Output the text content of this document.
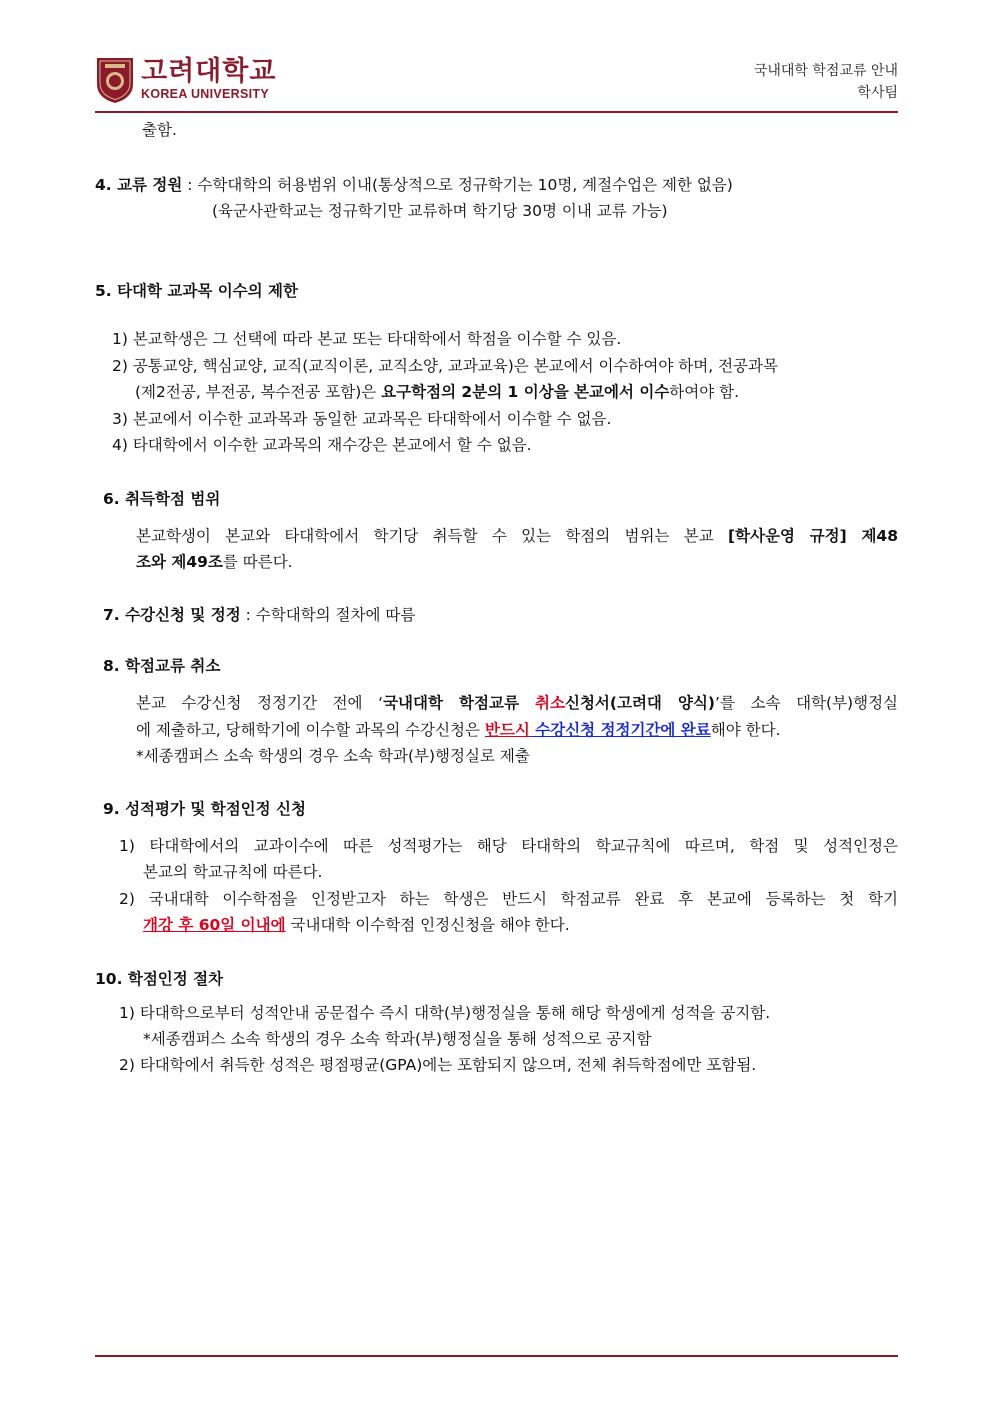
고려대학교
KOREA UNIVERSITY
국내대학 학점교류 안내
학사팀
출함.
4. 교류 정원 : 수학대학의 허용범위 이내(통상적으로 정규학기는 10명, 계절수업은 제한 없음)
(육군사관학교는 정규학기만 교류하며 학기당 30명 이내 교류 가능)
5. 타대학 교과목 이수의 제한
1) 본교학생은 그 선택에 따라 본교 또는 타대학에서 학점을 이수할 수 있음.
2) 공통교양, 핵심교양, 교직(교직이론, 교직소양, 교과교육)은 본교에서 이수하여야 하며, 전공과목
(제2전공, 부전공, 복수전공 포함)은 요구학점의 2분의 1 이상을 본교에서 이수하여야 함.
3) 본교에서 이수한 교과목과 동일한 교과목은 타대학에서 이수할 수 없음.
4) 타대학에서 이수한 교과목의 재수강은 본교에서 할 수 없음.
6. 취득학점 범위
본교학생이 본교와 타대학에서 학기당 취득할 수 있는 학점의 범위는 본교 [학사운영 규정] 제48
조와 제49조를 따른다.
7. 수강신청 및 정정 : 수학대학의 절차에 따름
8. 학점교류 취소
본교 수강신청 정정기간 전에 ‘국내대학 학점교류 취소신청서(고려대 양식)’를 소속 대학(부)행정실
에 제출하고, 당해학기에 이수할 과목의 수강신청은 반드시 수강신청 정정기간에 완료해야 한다.
*세종캠퍼스 소속 학생의 경우 소속 학과(부)행정실로 제출
9. 성적평가 및 학점인정 신청
1) 타대학에서의 교과이수에 따른 성적평가는 해당 타대학의 학교규칙에 따르며, 학점 및 성적인정은
본교의 학교규칙에 따른다.
2) 국내대학 이수학점을 인정받고자 하는 학생은 반드시 학점교류 완료 후 본교에 등록하는 첫 학기
개강 후 60일 이내에 국내대학 이수학점 인정신청을 해야 한다.
10. 학점인정 절차
1) 타대학으로부터 성적안내 공문접수 즉시 대학(부)행정실을 통해 해당 학생에게 성적을 공지함.
*세종캠퍼스 소속 학생의 경우 소속 학과(부)행정실을 통해 성적으로 공지함
2) 타대학에서 취득한 성적은 평점평균(GPA)에는 포함되지 않으며, 전체 취득학점에만 포함됨.
